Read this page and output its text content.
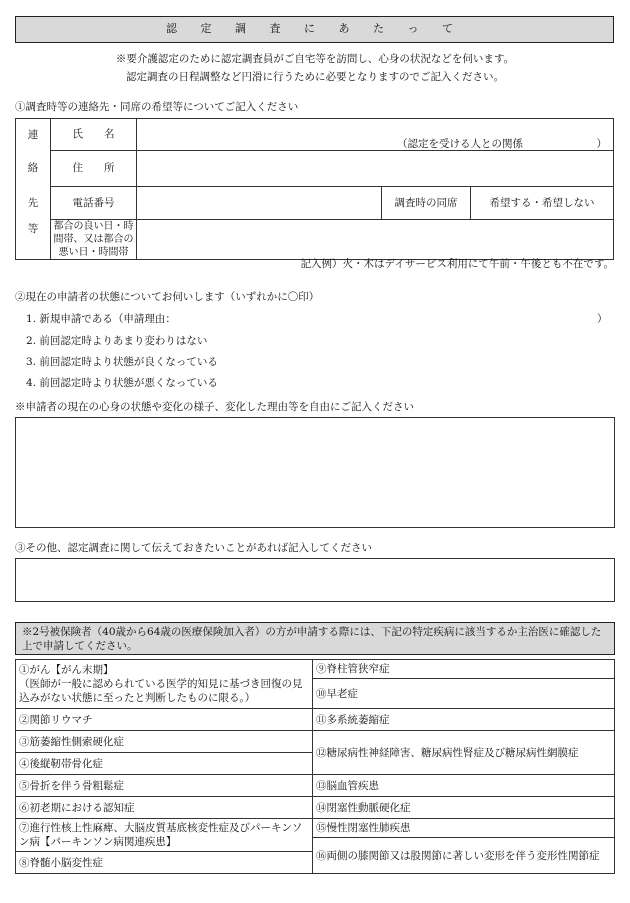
認 定 調 査 に あ た っ て
※要介護認定のために認定調査員がご自宅等を訪問し、心身の状況などを伺います。
認定調査の日程調整など円滑に行うために必要となりますのでご記入ください。
①調査時等の連絡先・同席の希望等についてご記入ください
連	氏　　名	（認定を受ける人との関係 ）		

絡	住　　所			
先	電話番号		調査時の同席	希望する・希望しない
等	都合の良い日・時間帯、又は都合の悪い日・時間帯			
記入例）火・木はデイサービス利用にて午前・午後とも不在です。
②現在の申請者の状態についてお伺いします（いずれかに〇印）
1. 新規申請である（申請理由：	）
2. 前回認定時よりあまり変わりはない
3. 前回認定時より状態が良くなっている
4. 前回認定時より状態が悪くなっている
※申請者の現在の心身の状態や変化の様子、変化した理由等を自由にご記入ください
③その他、認定調査に関して伝えておきたいことがあれば記入してください
※2号被保険者（40歳から64歳の医療保険加入者）の方が申請する際には、下記の特定疾病に該当するか主治医に確認した上で申請してください。
①がん【がん末期】
（医師が一般に認められている医学的知見に基づき回復の見込みがない状態に至ったと判断したものに限る。）	⑨脊柱管狭窄症
	⑩早老症
②関節リウマチ	⑪多系統萎縮症
③筋萎縮性側索硬化症	⑫糖尿病性神経障害、糖尿病性腎症及び糖尿病性網膜症
④後縦靭帯骨化症	
⑤骨折を伴う骨粗鬆症	⑬脳血管疾患
⑥初老期における認知症	⑭閉塞性動脈硬化症
⑦進行性核上性麻痺、大脳皮質基底核変性症及びパーキンソン病【パーキンソン病関連疾患】	⑮慢性閉塞性肺疾患
	⑯両側の膝関節又は股関節に著しい変形を伴う変形性関節症
⑧脊髄小脳変性症	
